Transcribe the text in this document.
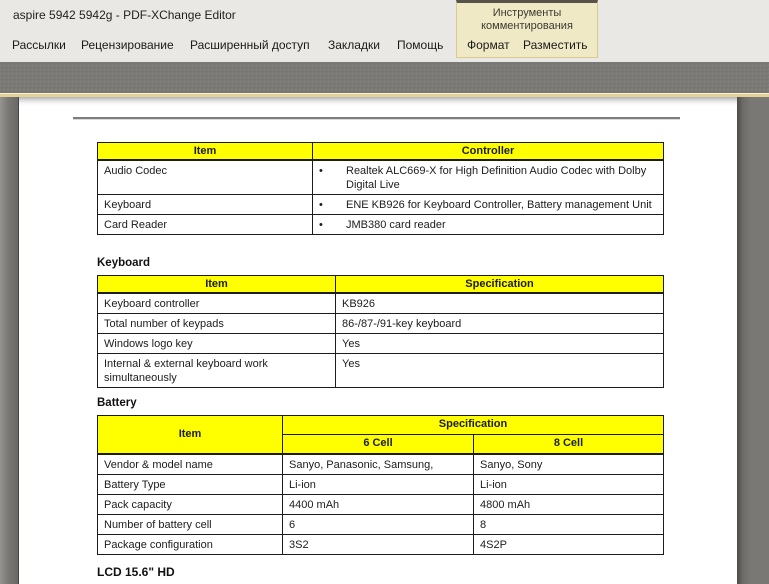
aspire 5942 5942g - PDF-XChange Editor	Инструменты
комментирования
Рассылки Рецензирование Расширенный доступ Закладки Помощь Формат Разместить
Item	Controller
Audio Codec	• Realtek ALC669-X for High Definition Audio Codec with Dolby Digital Live

Keyboard	• ENE KB926 for Keyboard Controller, Battery management Unit

Card Reader	• JMB380 card reader
Keyboard
Item	Specification
Keyboard controller	KB926
Total number of keypads	86-/87-/91-key keyboard
Windows logo key	Yes
Internal & external keyboard work simultaneously	Yes
Battery
Item	Specification	
	6 Cell	8 Cell
Vendor & model name	Sanyo, Panasonic, Samsung,	Sanyo, Sony
Battery Type	Li-ion	Li-ion
Pack capacity	4400 mAh	4800 mAh
Number of battery cell	6	8
Package configuration	3S2	4S2P
LCD 15.6" HD
